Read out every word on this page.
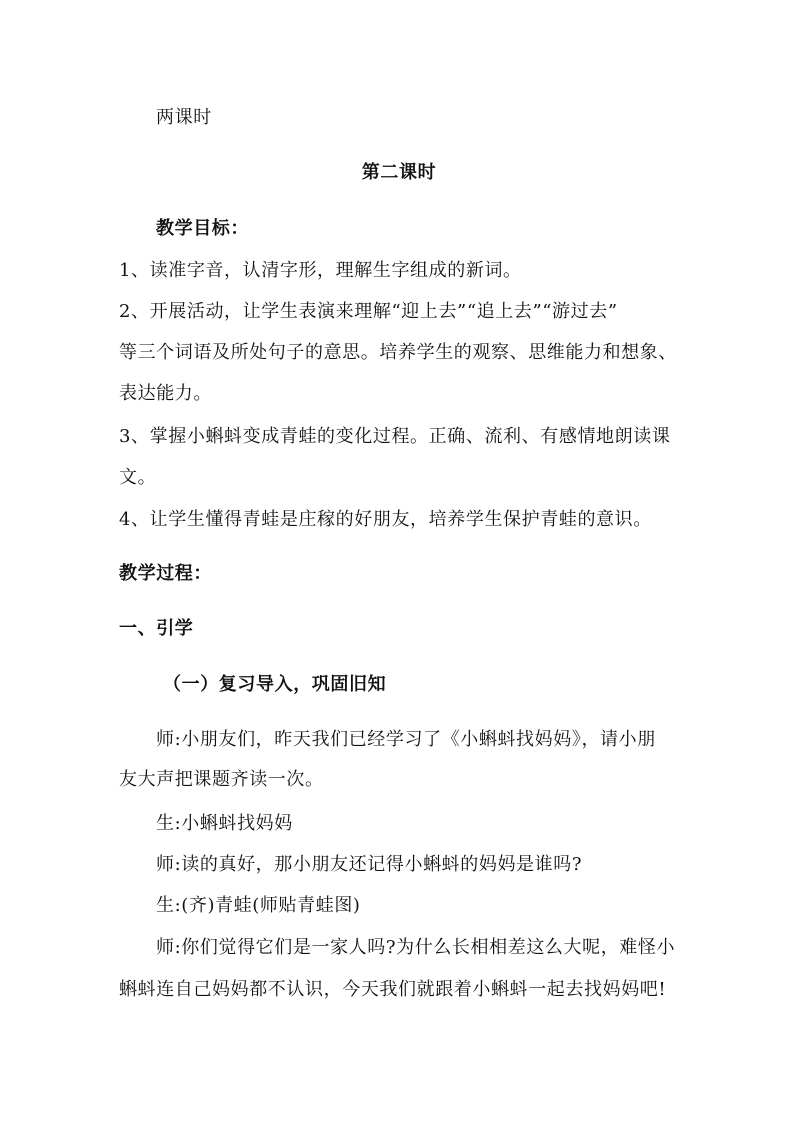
两课时
第二课时
教学目标：
1、读准字音，认清字形，理解生字组成的新词。
2、开展活动，让学生表演来理解“迎上去”“追上去”“游过去”
等三个词语及所处句子的意思。培养学生的观察、思维能力和想象、
表达能力。
3、掌握小蝌蚪变成青蛙的变化过程。正确、流利、有感情地朗读课
文。
4、让学生懂得青蛙是庄稼的好朋友，培养学生保护青蛙的意识。
教学过程：
一、引学
（一）复习导入，巩固旧知
师:小朋友们，昨天我们已经学习了《小蝌蚪找妈妈》，请小朋
友大声把课题齐读一次。
生:小蝌蚪找妈妈
师:读的真好，那小朋友还记得小蝌蚪的妈妈是谁吗?
生:(齐)青蛙(师贴青蛙图)
师:你们觉得它们是一家人吗?为什么长相相差这么大呢，难怪小
蝌蚪连自己妈妈都不认识，今天我们就跟着小蝌蚪一起去找妈妈吧!
